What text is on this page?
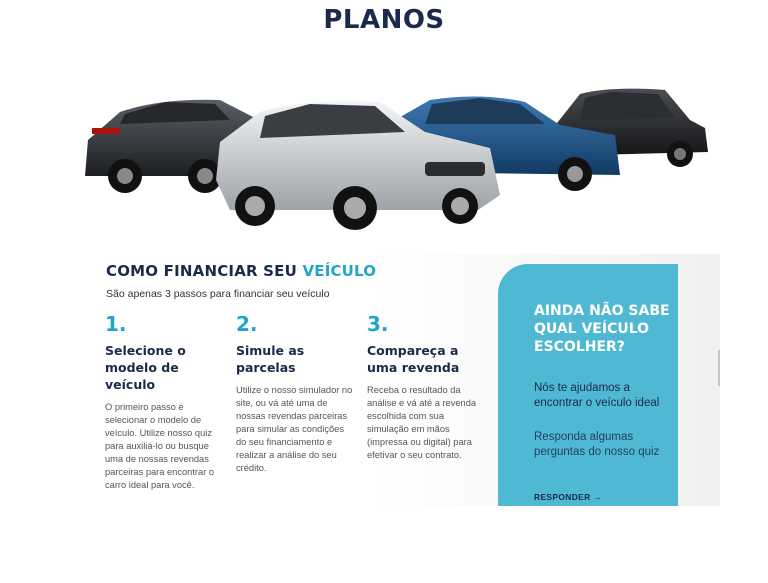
PLANOS
COMO FINANCIAR SEU VEÍCULO
São apenas 3 passos para financiar seu veículo
1.
Selecione o modelo de veículo
O primeiro passo é selecionar o modelo de veículo. Utilize nosso quiz para auxiliá-lo ou busque uma de nossas revendas parceiras para encontrar o carro ideal para você.
2.
Simule as parcelas
Utilize o nosso simulador no site, ou vá até uma de nossas revendas parceiras para simular as condições do seu financiamento e realizar a análise do seu crédito.
3.
Compareça a uma revenda
Receba o resultado da análise e vá até a revenda escolhida com sua simulação em mãos (impressa ou digital) para efetivar o seu contrato.
AINDA NÃO SABE QUAL VEÍCULO ESCOLHER?
Nós te ajudamos a encontrar o veículo ideal
Responda algumas perguntas do nosso quiz
RESPONDER →
